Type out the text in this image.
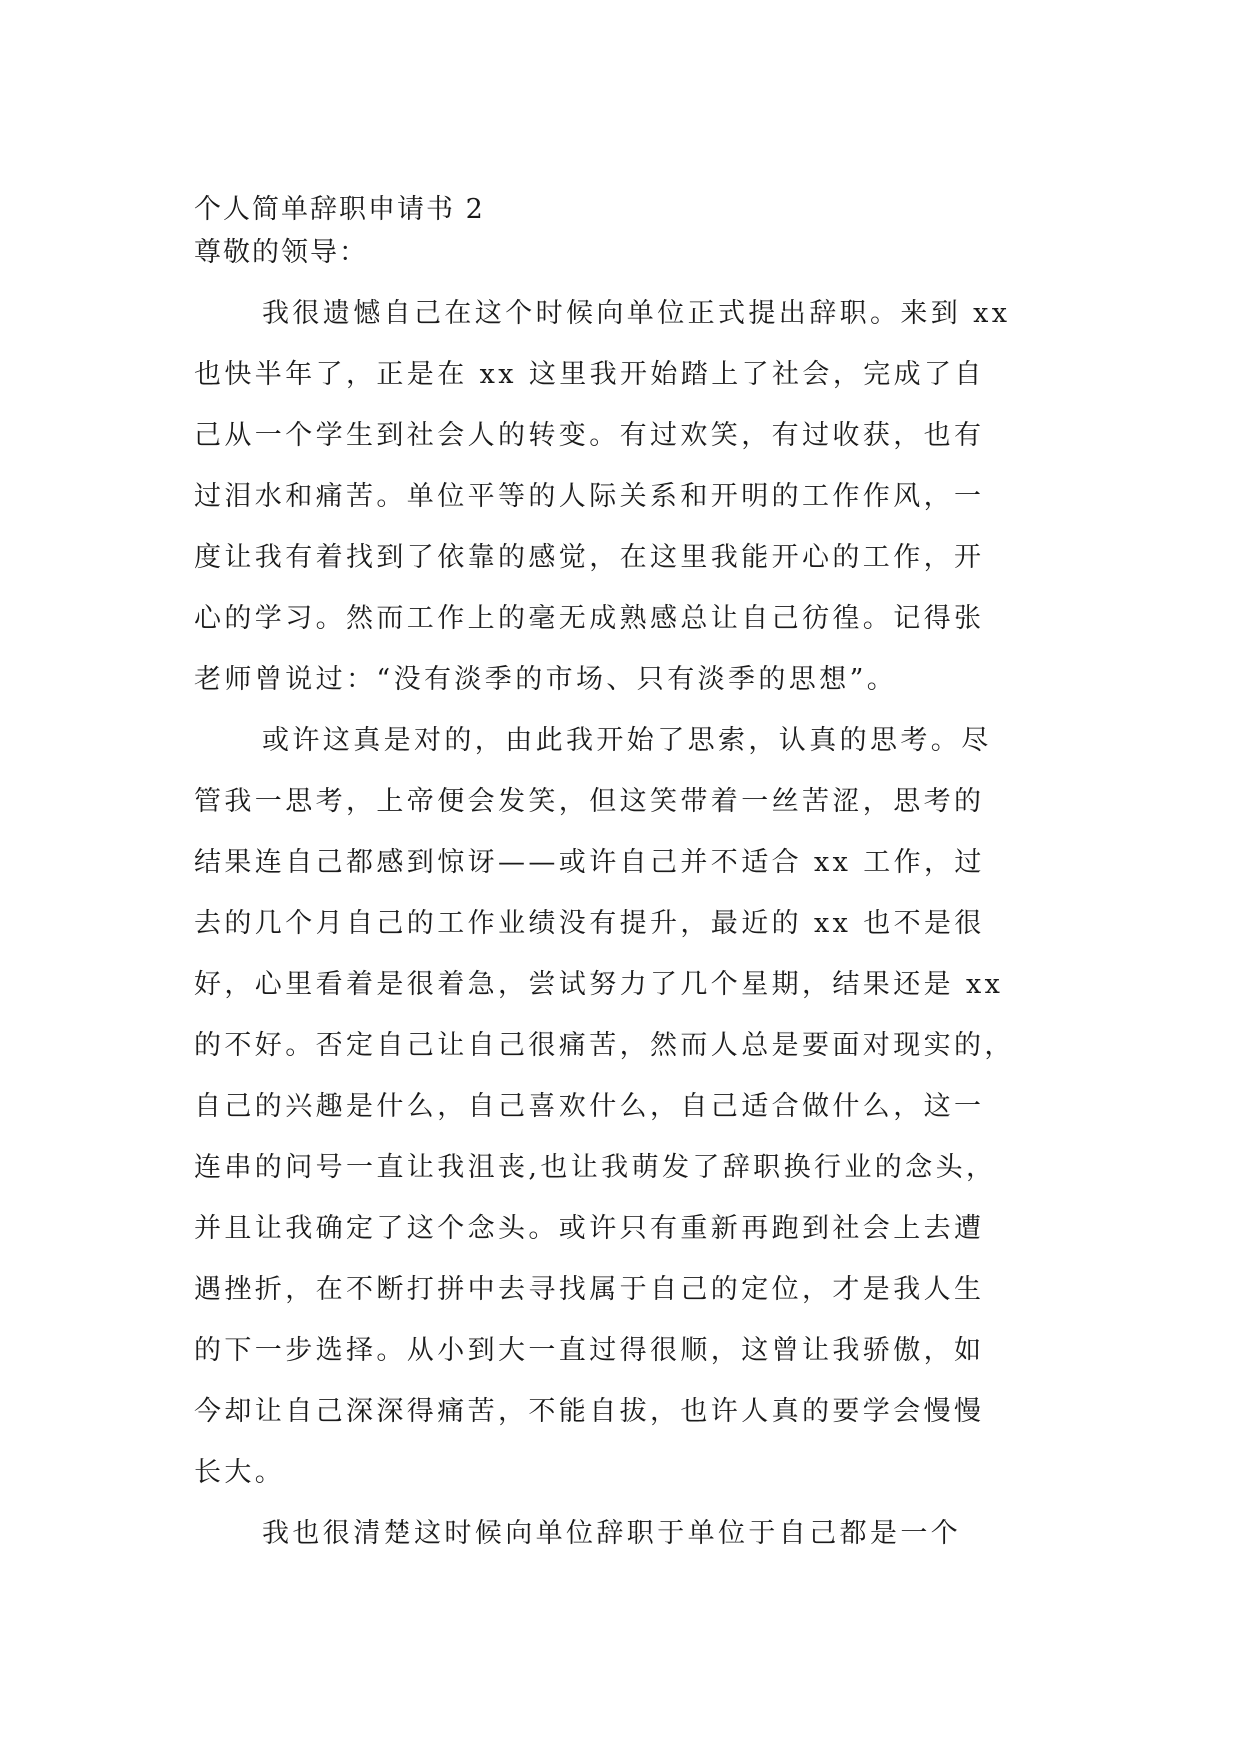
个人简单辞职申请书 2
尊敬的领导：
我很遗憾自己在这个时候向单位正式提出辞职。来到 xx
也快半年了，正是在 xx 这里我开始踏上了社会，完成了自
己从一个学生到社会人的转变。有过欢笑，有过收获，也有
过泪水和痛苦。单位平等的人际关系和开明的工作作风，一
度让我有着找到了依靠的感觉，在这里我能开心的工作，开
心的学习。然而工作上的毫无成熟感总让自己彷徨。记得张
老师曾说过：“没有淡季的市场、只有淡季的思想”。
或许这真是对的，由此我开始了思索，认真的思考。尽
管我一思考，上帝便会发笑，但这笑带着一丝苦涩，思考的
结果连自己都感到惊讶——或许自己并不适合 xx 工作，过
去的几个月自己的工作业绩没有提升，最近的 xx 也不是很
好，心里看着是很着急，尝试努力了几个星期，结果还是 xx
的不好。否定自己让自己很痛苦，然而人总是要面对现实的，
自己的兴趣是什么，自己喜欢什么，自己适合做什么，这一
连串的问号一直让我沮丧,也让我萌发了辞职换行业的念头，
并且让我确定了这个念头。或许只有重新再跑到社会上去遭
遇挫折，在不断打拼中去寻找属于自己的定位，才是我人生
的下一步选择。从小到大一直过得很顺，这曾让我骄傲，如
今却让自己深深得痛苦，不能自拔，也许人真的要学会慢慢
长大。
我也很清楚这时候向单位辞职于单位于自己都是一个
